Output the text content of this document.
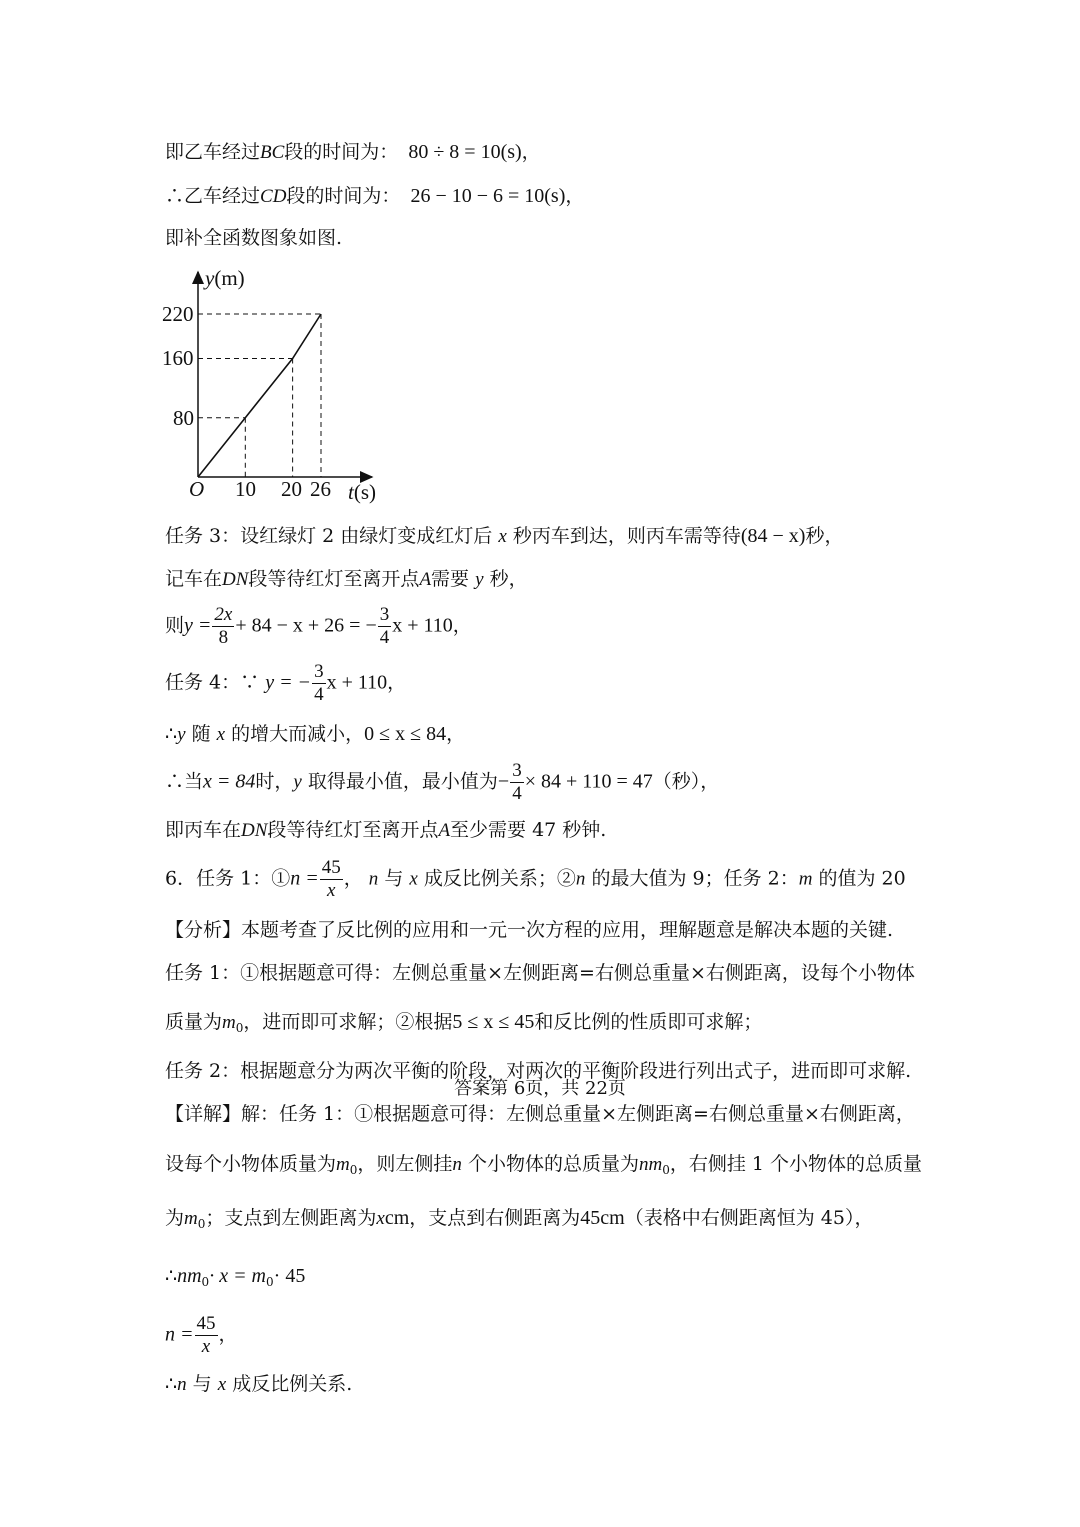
即乙车经过BC段的时间为： 80 ÷ 8 = 10(s)，
∴乙车经过CD段的时间为： 26 − 10 − 6 = 10(s)，
即补全函数图象如图.
y(m)
t(s)
O
220
160
80
10 20 26
任务 3：设红绿灯 2 由绿灯变成红灯后 x 秒丙车到达，则丙车需等待(84 − x)秒，
记车在DN段等待红灯至离开点A需要 y 秒，
则$y = \frac{2x}{8} + 84 - x + 26$ = − $\frac{3}{4}$ x + 110，
任务 4：∵ y = − $\frac{3}{4}$ x + 110，
∴y 随 x 的增大而减小，0 ≤ x ≤ 84，
∴当x = 84时，y 取得最小值，最小值为− $\frac{3}{4} \times 84 + 110 = 47$（秒），
即丙车在DN段等待红灯至离开点A至少需要 47 秒钟.
6．任务 1：①n = $\frac{45}{x}$ ， n 与 x 成反比例关系；②n 的最大值为 9；任务 2：m 的值为 20
【分析】本题考查了反比例的应用和一元一次方程的应用，理解题意是解决本题的关键.
任务 1：①根据题意可得：左侧总重量×左侧距离=右侧总重量×右侧距离，设每个小物体
质量为$m_0$，进而即可求解；②根据5 ≤ x ≤ 45和反比例的性质即可求解；
任务 2：根据题意分为两次平衡的阶段，对两次的平衡阶段进行列出式子，进而即可求解.
【详解】解：任务 1：①根据题意可得：左侧总重量×左侧距离=右侧总重量×右侧距离，
设每个小物体质量为$m_0$，则左侧挂n 个小物体的总质量为$nm_0$，右侧挂 1 个小物体的总质量
为$m_0$；支点到左侧距离为xcm，支点到右侧距离为45cm（表格中右侧距离恒为 45），
$\therefore nm_0\cdot x = m_0\cdot 45$
$n = \frac{45}{x}$ ，
∴n 与 x 成反比例关系.
答案第 6页，共 22页
